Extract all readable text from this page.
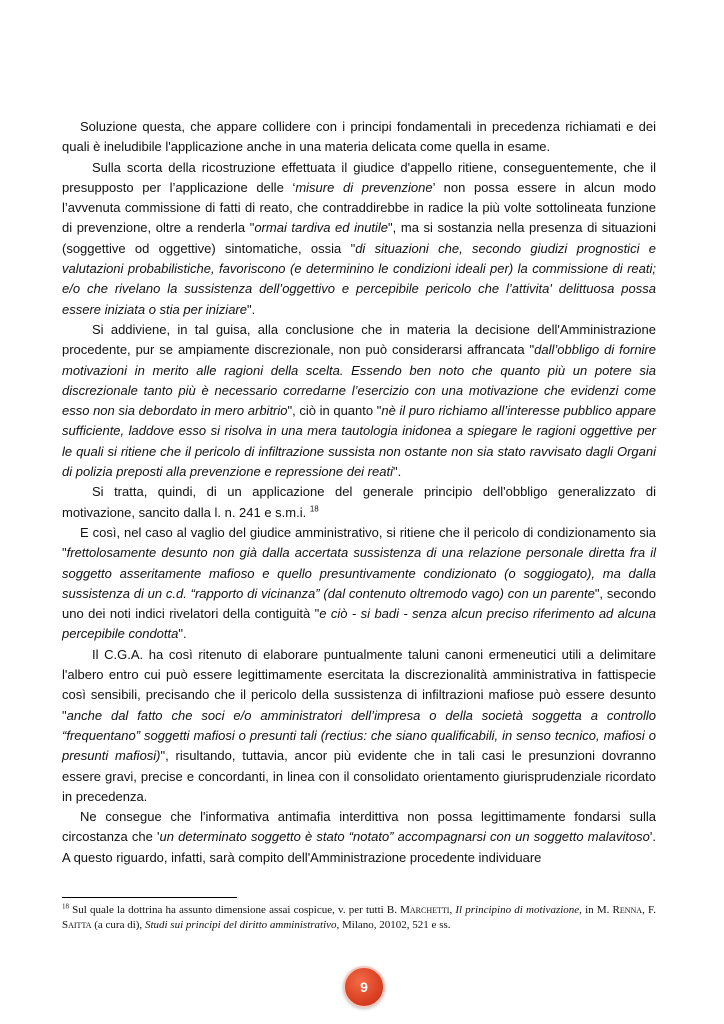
Soluzione questa, che appare collidere con i principi fondamentali in precedenza richiamati e dei quali è ineludibile l'applicazione anche in una materia delicata come quella in esame.

Sulla scorta della ricostruzione effettuata il giudice d'appello ritiene, conseguentemente, che il presupposto per l’applicazione delle ‘misure di prevenzione’ non possa essere in alcun modo l’avvenuta commissione di fatti di reato, che contraddirebbe in radice la più volte sottolineata funzione di prevenzione, oltre a renderla "ormai tardiva ed inutile", ma si sostanzia nella presenza di situazioni (soggettive od oggettive) sintomatiche, ossia "di situazioni che, secondo giudizi prognostici e valutazioni probabilistiche, favoriscono (e determinino le condizioni ideali per) la commissione di reati; e/o che rivelano la sussistenza dell’oggettivo e percepibile pericolo che l’attivita' delittuosa possa essere iniziata o stia per iniziare".

Si addiviene, in tal guisa, alla conclusione che in materia la decisione dell'Amministrazione procedente, pur se ampiamente discrezionale, non può considerarsi affrancata "dall’obbligo di fornire motivazioni in merito alle ragioni della scelta. Essendo ben noto che quanto più un potere sia discrezionale tanto più è necessario corredarne l’esercizio con una motivazione che evidenzi come esso non sia debordato in mero arbitrio", ciò in quanto "nè il puro richiamo all’interesse pubblico appare sufficiente, laddove esso si risolva in una mera tautologia inidonea a spiegare le ragioni oggettive per le quali si ritiene che il pericolo di infiltrazione sussista non ostante non sia stato ravvisato dagli Organi di polizia preposti alla prevenzione e repressione dei reati".

Si tratta, quindi, di un applicazione del generale principio dell'obbligo generalizzato di motivazione, sancito dalla l. n. 241 e s.m.i. $^{18}$

E così, nel caso al vaglio del giudice amministrativo, si ritiene che il pericolo di condizionamento sia "frettolosamente desunto non già dalla accertata sussistenza di una relazione personale diretta fra il soggetto asseritamente mafioso e quello presuntivamente condizionato (o soggiogato), ma dalla sussistenza di un c.d. “rapporto di vicinanza” (dal contenuto oltremodo vago) con un parente", secondo uno dei noti indici rivelatori della contiguità "e ciò - si badi - senza alcun preciso riferimento ad alcuna percepibile condotta".

Il C.G.A. ha così ritenuto di elaborare puntualmente taluni canoni ermeneutici utili a delimitare l'albero entro cui può essere legittimamente esercitata la discrezionalità amministrativa in fattispecie così sensibili, precisando che il pericolo della sussistenza di infiltrazioni mafiose può essere desunto "anche dal fatto che soci e/o amministratori dell’impresa o della società soggetta a controllo “frequentano” soggetti mafiosi o presunti tali (rectius: che siano qualificabili, in senso tecnico, mafiosi o presunti mafiosi)", risultando, tuttavia, ancor più evidente che in tali casi le presunzioni dovranno essere gravi, precise e concordanti, in linea con il consolidato orientamento giurisprudenziale ricordato in precedenza.

Ne consegue che l'informativa antimafia interdittiva non possa legittimamente fondarsi sulla circostanza che 'un determinato soggetto è stato “notato” accompagnarsi con un soggetto malavitoso'. A questo riguardo, infatti, sarà compito dell'Amministrazione procedente individuare

$^{18}$ Sul quale la dottrina ha assunto dimensione assai cospicue, v. per tutti B. Marchetti, Il principino di motivazione, in M. Renna, F. Saitta (a cura di), Studi sui principi del diritto amministrativo, Milano, 20102, 521 e ss.
9
